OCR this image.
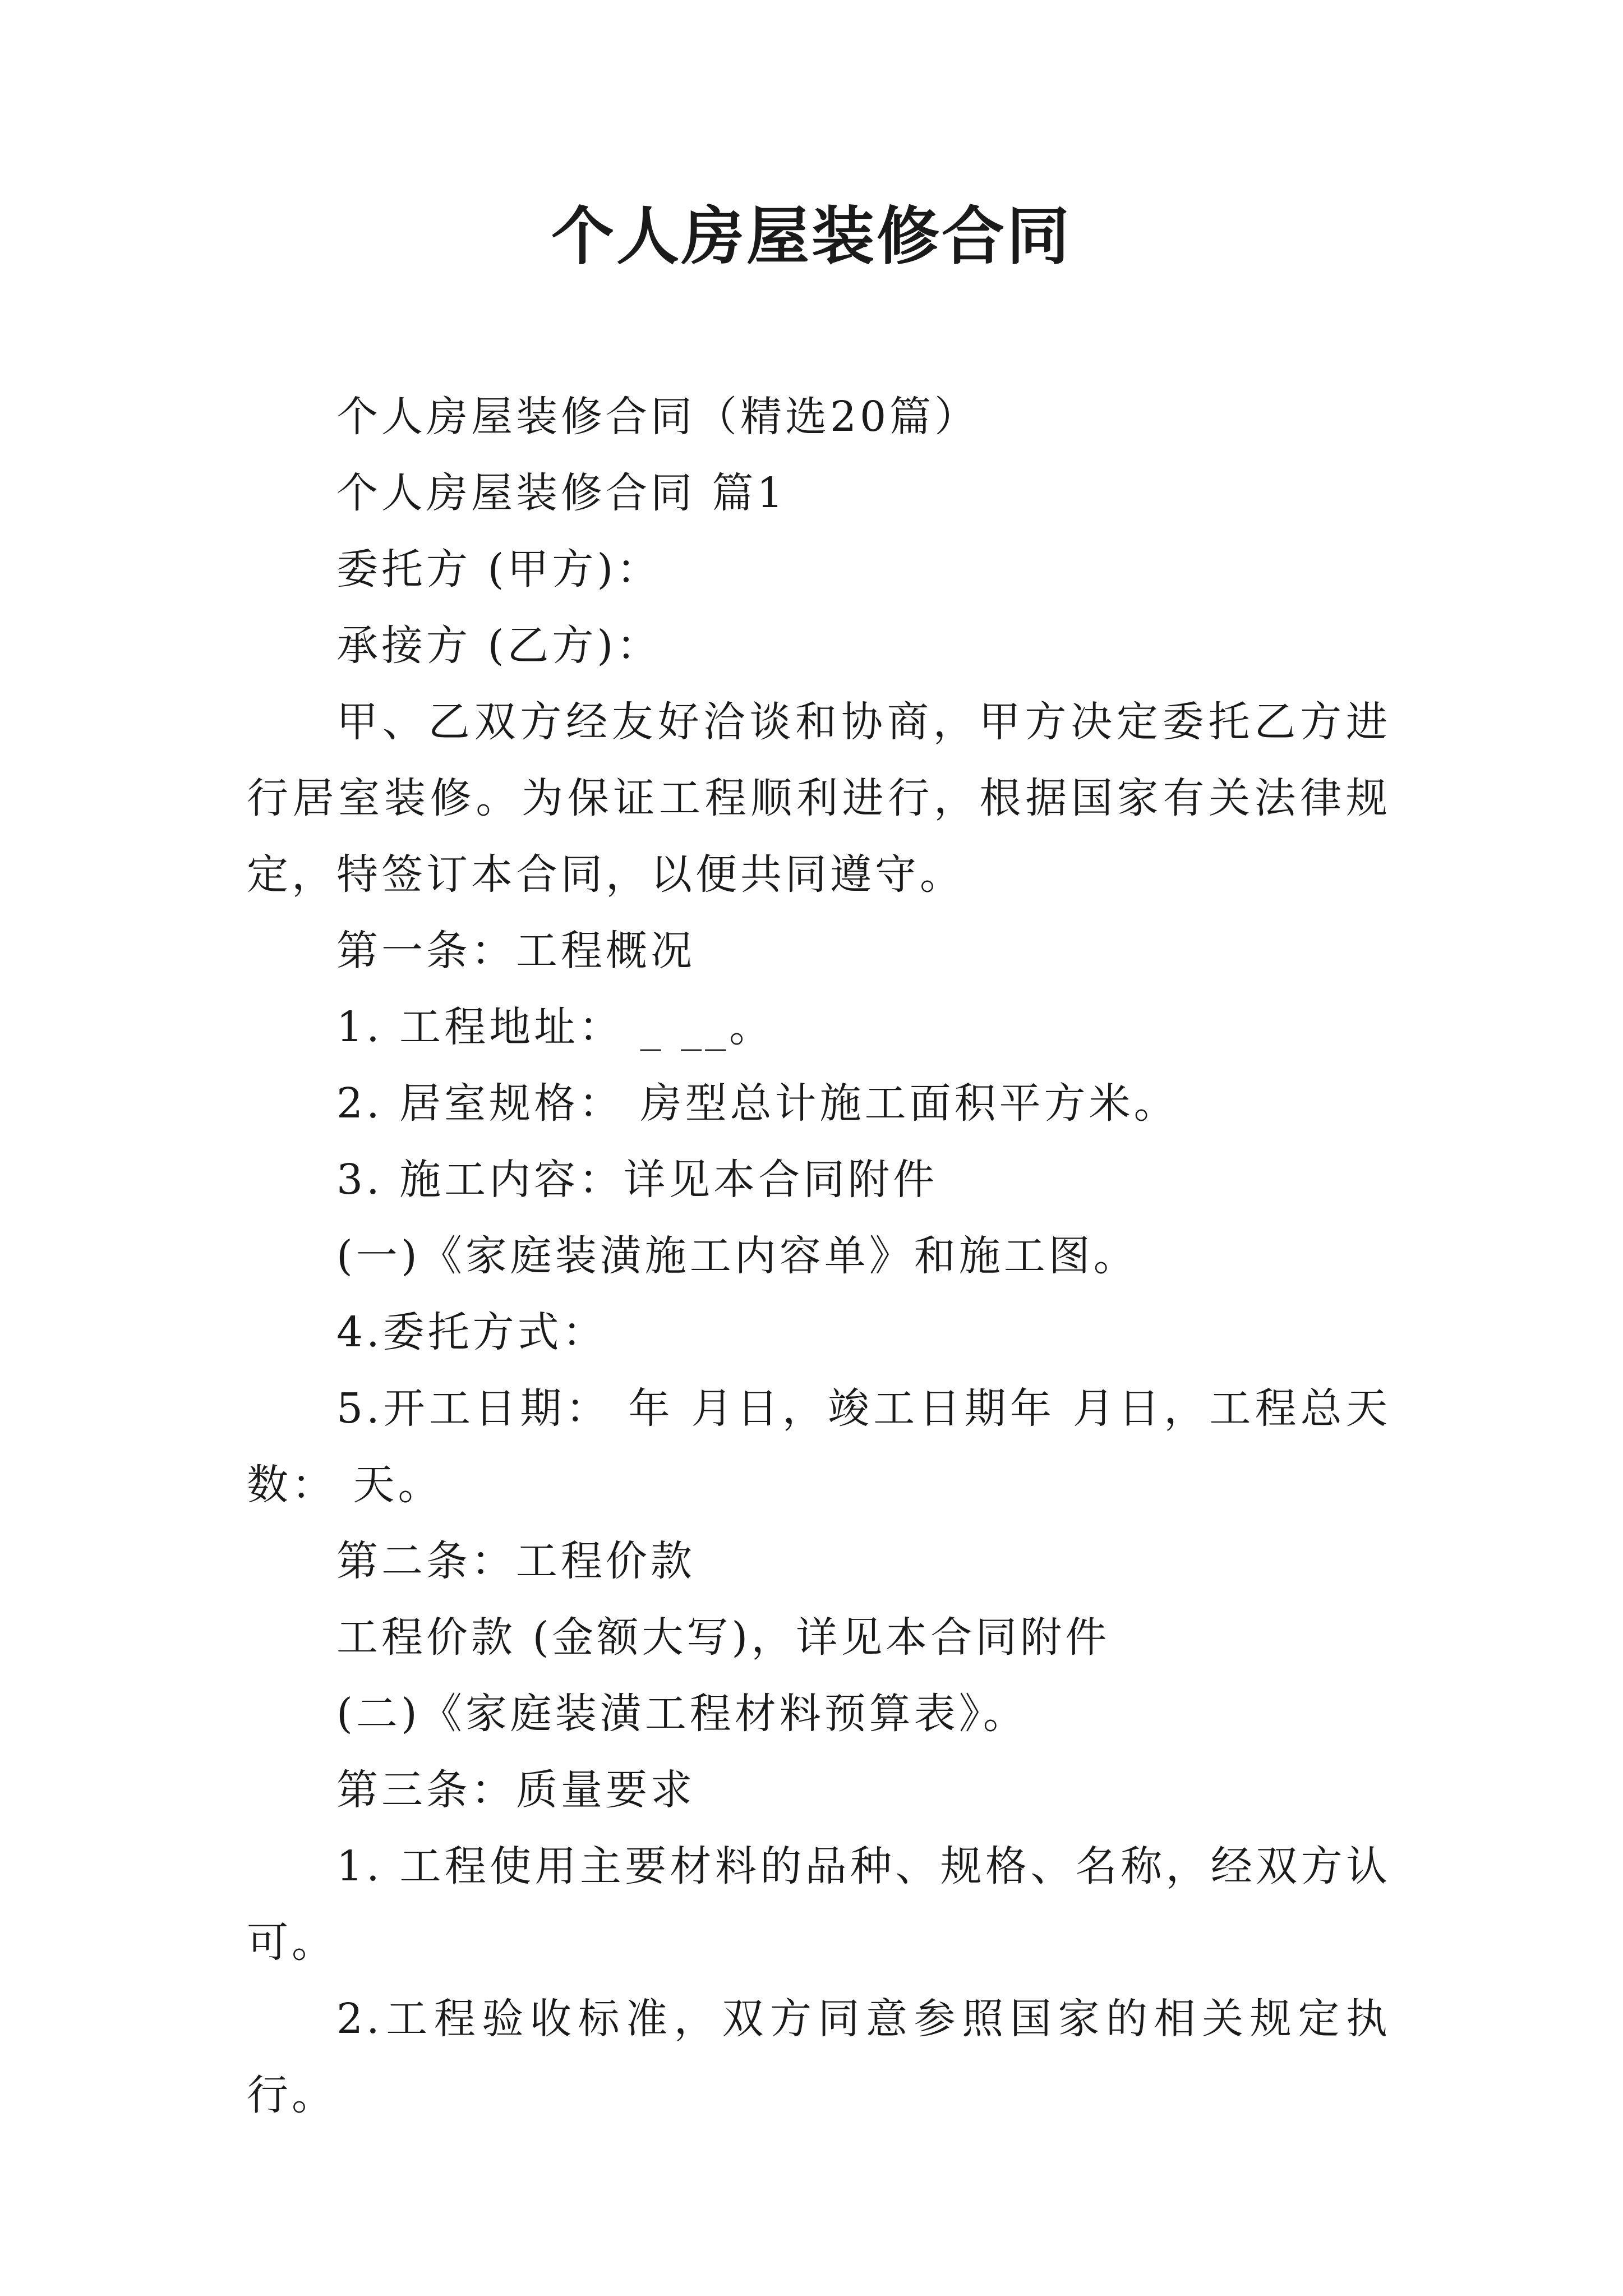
个人房屋装修合同

个人房屋装修合同（精选20篇）

个人房屋装修合同 篇1

委托方 (甲方)：

承接方 (乙方)：

甲、乙双方经友好洽谈和协商，甲方决定委托乙方进行居室装修。为保证工程顺利进行，根据国家有关法律规定，特签订本合同，以便共同遵守。

第一条：工程概况

1. 工程地址： _ __。

2. 居室规格： 房型总计施工面积平方米。

3. 施工内容：详见本合同附件

(一)《家庭装潢施工内容单》和施工图。

4.委托方式：

5.开工日期： 年 月日，竣工日期年 月日，工程总天数： 天。

第二条：工程价款

工程价款 (金额大写)，详见本合同附件

(二)《家庭装潢工程材料预算表》。

第三条：质量要求

1. 工程使用主要材料的品种、规格、名称，经双方认可。

2.工程验收标准，双方同意参照国家的相关规定执行。
